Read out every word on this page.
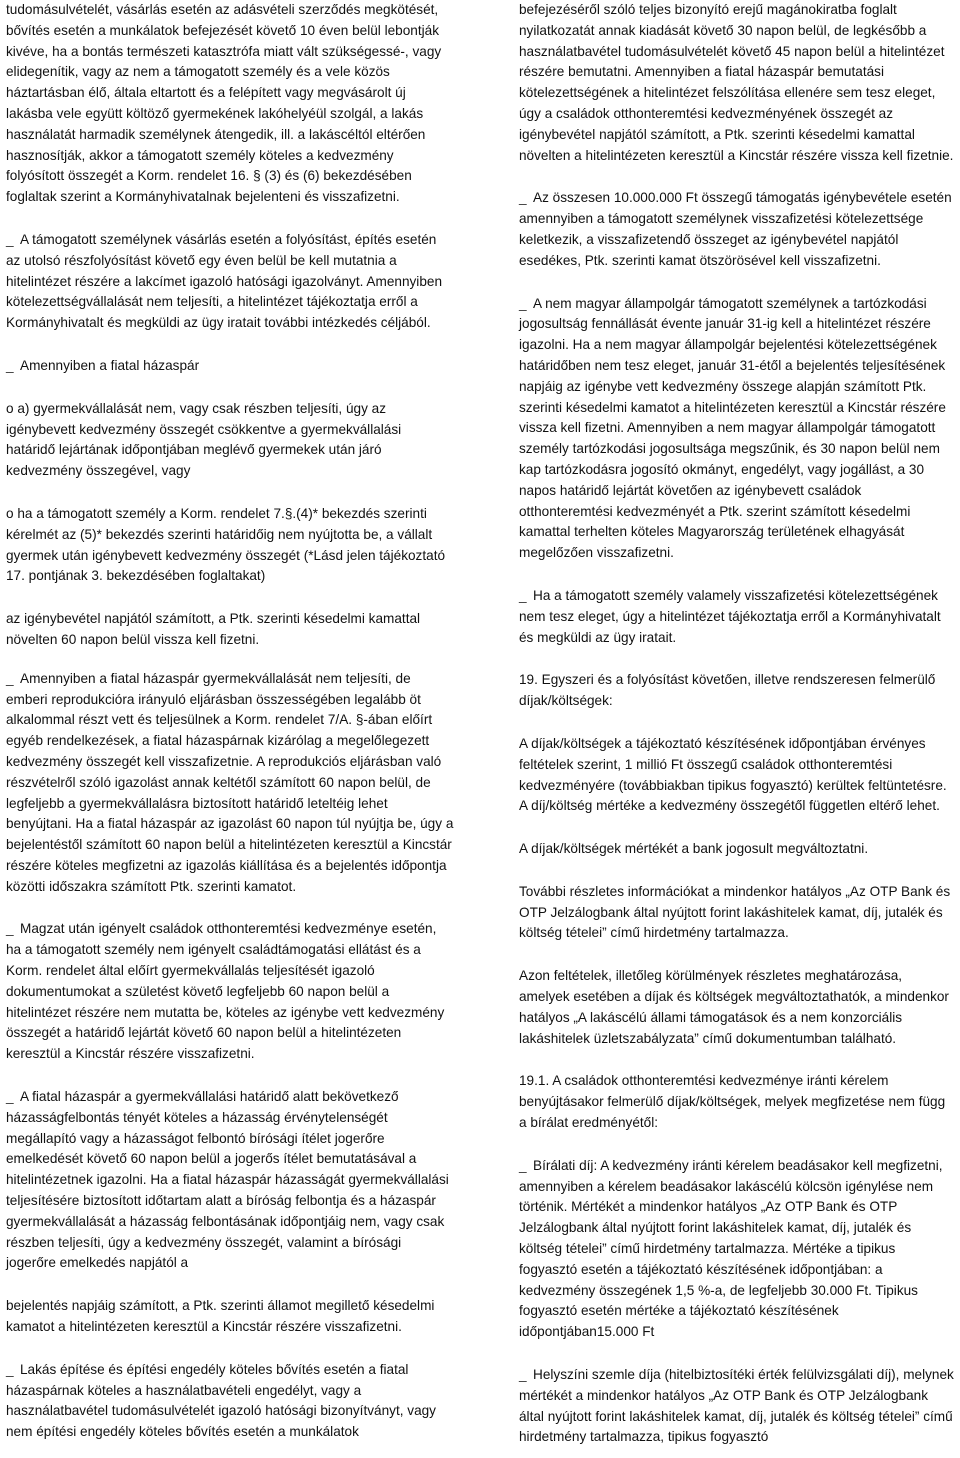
tudomásulvételét, vásárlás esetén az adásvételi szerződés megkötését, bővítés esetén a munkálatok befejezését követő 10 éven belül lebontják kivéve, ha a bontás természeti katasztrófa miatt vált szükségessé-, vagy elidegenítik, vagy az nem a támogatott személy és a vele közös háztartásban élő, általa eltartott és a felépített vagy megvásárolt új lakásba vele együtt költöző gyermekének lakóhelyéül szolgál, a lakás használatát harmadik személynek átengedik, ill. a lakáscéltól eltérően hasznosítják, akkor a támogatott személy köteles a kedvezmény folyósított összegét a Korm. rendelet 16. § (3) és (6) bekezdésében foglaltak szerint a Kormányhivatalnak bejelenteni és visszafizetni.

_ A támogatott személynek vásárlás esetén a folyósítást, építés esetén az utolsó részfolyósítást követő egy éven belül be kell mutatnia a hitelintézet részére a lakcímet igazoló hatósági igazolványt. Amennyiben kötelezettségvállalását nem teljesíti, a hitelintézet tájékoztatja erről a Kormányhivatalt és megküldi az ügy iratait további intézkedés céljából.

_ Amennyiben a fiatal házaspár

o a) gyermekvállalását nem, vagy csak részben teljesíti, úgy az igénybevett kedvezmény összegét csökkentve a gyermekvállalási határidő lejártának időpontjában meglévő gyermekek után járó kedvezmény összegével, vagy

o ha a támogatott személy a Korm. rendelet 7.§.(4)* bekezdés szerinti kérelmét az (5)* bekezdés szerinti határidőig nem nyújtotta be, a vállalt gyermek után igénybevett kedvezmény összegét (*Lásd jelen tájékoztató 17. pontjának 3. bekezdésében foglaltakat)

az igénybevétel napjától számított, a Ptk. szerinti késedelmi kamattal növelten 60 napon belül vissza kell fizetni.

_ Amennyiben a fiatal házaspár gyermekvállalását nem teljesíti, de emberi reprodukcióra irányuló eljárásban összességében legalább öt alkalommal részt vett és teljesülnek a Korm. rendelet 7/A. §-ában előírt egyéb rendelkezések, a fiatal házaspárnak kizárólag a megelőlegezett kedvezmény összegét kell visszafizetnie. A reprodukciós eljárásban való részvételről szóló igazolást annak keltétől számított 60 napon belül, de legfeljebb a gyermekvállalásra biztosított határidő leteltéig lehet benyújtani. Ha a fiatal házaspár az igazolást 60 napon túl nyújtja be, úgy a bejelentéstől számított 60 napon belül a hitelintézeten keresztül a Kincstár részére köteles megfizetni az igazolás kiállítása és a bejelentés időpontja közötti időszakra számított Ptk. szerinti kamatot.

_ Magzat után igényelt családok otthonteremtési kedvezménye esetén, ha a támogatott személy nem igényelt családtámogatási ellátást és a Korm. rendelet által előírt gyermekvállalás teljesítését igazoló dokumentumokat a születést követő legfeljebb 60 napon belül a hitelintézet részére nem mutatta be, köteles az igénybe vett kedvezmény összegét a határidő lejártát követő 60 napon belül a hitelintézeten keresztül a Kincstár részére visszafizetni.

_ A fiatal házaspár a gyermekvállalási határidő alatt bekövetkező házasságfelbontás tényét köteles a házasság érvénytelenségét megállapító vagy a házasságot felbontó bírósági ítélet jogerőre emelkedését követő 60 napon belül a jogerős ítélet bemutatásával a hitelintézetnek igazolni. Ha a fiatal házaspár házasságát gyermekvállalási teljesítésére biztosított időtartam alatt a bíróság felbontja és a házaspár gyermekvállalását a házasság felbontásának időpontjáig nem, vagy csak részben teljesíti, úgy a kedvezmény összegét, valamint a bírósági jogerőre emelkedés napjától a

bejelentés napjáig számított, a Ptk. szerinti államot megillető késedelmi kamatot a hitelintézeten keresztül a Kincstár részére visszafizetni.

_ Lakás építése és építési engedély köteles bővítés esetén a fiatal házaspárnak köteles a használatbavételi engedélyt, vagy a használatbavétel tudomásulvételét igazoló hatósági bizonyítványt, vagy nem építési engedély köteles bővítés esetén a munkálatok

befejezéséről szóló teljes bizonyító erejű magánokiratba foglalt nyilatkozatát annak kiadását követő 30 napon belül, de legkésőbb a használatbavétel tudomásulvételét követő 45 napon belül a hitelintézet részére bemutatni. Amennyiben a fiatal házaspár bemutatási kötelezettségének a hitelintézet felszólítása ellenére sem tesz eleget, úgy a családok otthonteremtési kedvezményének összegét az igénybevétel napjától számított, a Ptk. szerinti késedelmi kamattal növelten a hitelintézeten keresztül a Kincstár részére vissza kell fizetnie.

_ Az összesen 10.000.000 Ft összegű támogatás igénybevétele esetén amennyiben a támogatott személynek visszafizetési kötelezettsége keletkezik, a visszafizetendő összeget az igénybevétel napjától esedékes, Ptk. szerinti kamat ötszörösével kell visszafizetni.

_ A nem magyar állampolgár támogatott személynek a tartózkodási jogosultság fennállását évente január 31-ig kell a hitelintézet részére igazolni. Ha a nem magyar állampolgár bejelentési kötelezettségének határidőben nem tesz eleget, január 31-étől a bejelentés teljesítésének napjáig az igénybe vett kedvezmény összege alapján számított Ptk. szerinti késedelmi kamatot a hitelintézeten keresztül a Kincstár részére vissza kell fizetni. Amennyiben a nem magyar állampolgár támogatott személy tartózkodási jogosultsága megszűnik, és 30 napon belül nem kap tartózkodásra jogosító okmányt, engedélyt, vagy jogállást, a 30 napos határidő lejártát követően az igénybevett családok otthonteremtési kedvezményét a Ptk. szerint számított késedelmi kamattal terhelten köteles Magyarország területének elhagyását megelőzően visszafizetni.

_ Ha a támogatott személy valamely visszafizetési kötelezettségének nem tesz eleget, úgy a hitelintézet tájékoztatja erről a Kormányhivatalt és megküldi az ügy iratait.

19. Egyszeri és a folyósítást követően, illetve rendszeresen felmerülő díjak/költségek:

A díjak/költségek a tájékoztató készítésének időpontjában érvényes feltételek szerint, 1 millió Ft összegű családok otthonteremtési kedvezményére (továbbiakban tipikus fogyasztó) kerültek feltüntetésre. A díj/költség mértéke a kedvezmény összegétől független eltérő lehet.

A díjak/költségek mértékét a bank jogosult megváltoztatni.

További részletes információkat a mindenkor hatályos „Az OTP Bank és OTP Jelzálogbank által nyújtott forint lakáshitelek kamat, díj, jutalék és költség tételei” című hirdetmény tartalmazza.

Azon feltételek, illetőleg körülmények részletes meghatározása, amelyek esetében a díjak és költségek megváltoztathatók, a mindenkor hatályos „A lakáscélú állami támogatások és a nem konzorciális lakáshitelek üzletszabályzata” című dokumentumban található.

19.1. A családok otthonteremtési kedvezménye iránti kérelem benyújtásakor felmerülő díjak/költségek, melyek megfizetése nem függ a bírálat eredményétől:

_ Bírálati díj: A kedvezmény iránti kérelem beadásakor kell megfizetni, amennyiben a kérelem beadásakor lakáscélú kölcsön igénylése nem történik. Mértékét a mindenkor hatályos „Az OTP Bank és OTP Jelzálogbank által nyújtott forint lakáshitelek kamat, díj, jutalék és költség tételei” című hirdetmény tartalmazza. Mértéke a tipikus fogyasztó esetén a tájékoztató készítésének időpontjában: a kedvezmény összegének 1,5 %-a, de legfeljebb 30.000 Ft. Tipikus fogyasztó esetén mértéke a tájékoztató készítésének időpontjában15.000 Ft

_ Helyszíni szemle díja (hitelbiztosítéki érték felülvizsgálati díj), melynek mértékét a mindenkor hatályos „Az OTP Bank és OTP Jelzálogbank által nyújtott forint lakáshitelek kamat, díj, jutalék és költség tételei” című hirdetmény tartalmazza, tipikus fogyasztó
